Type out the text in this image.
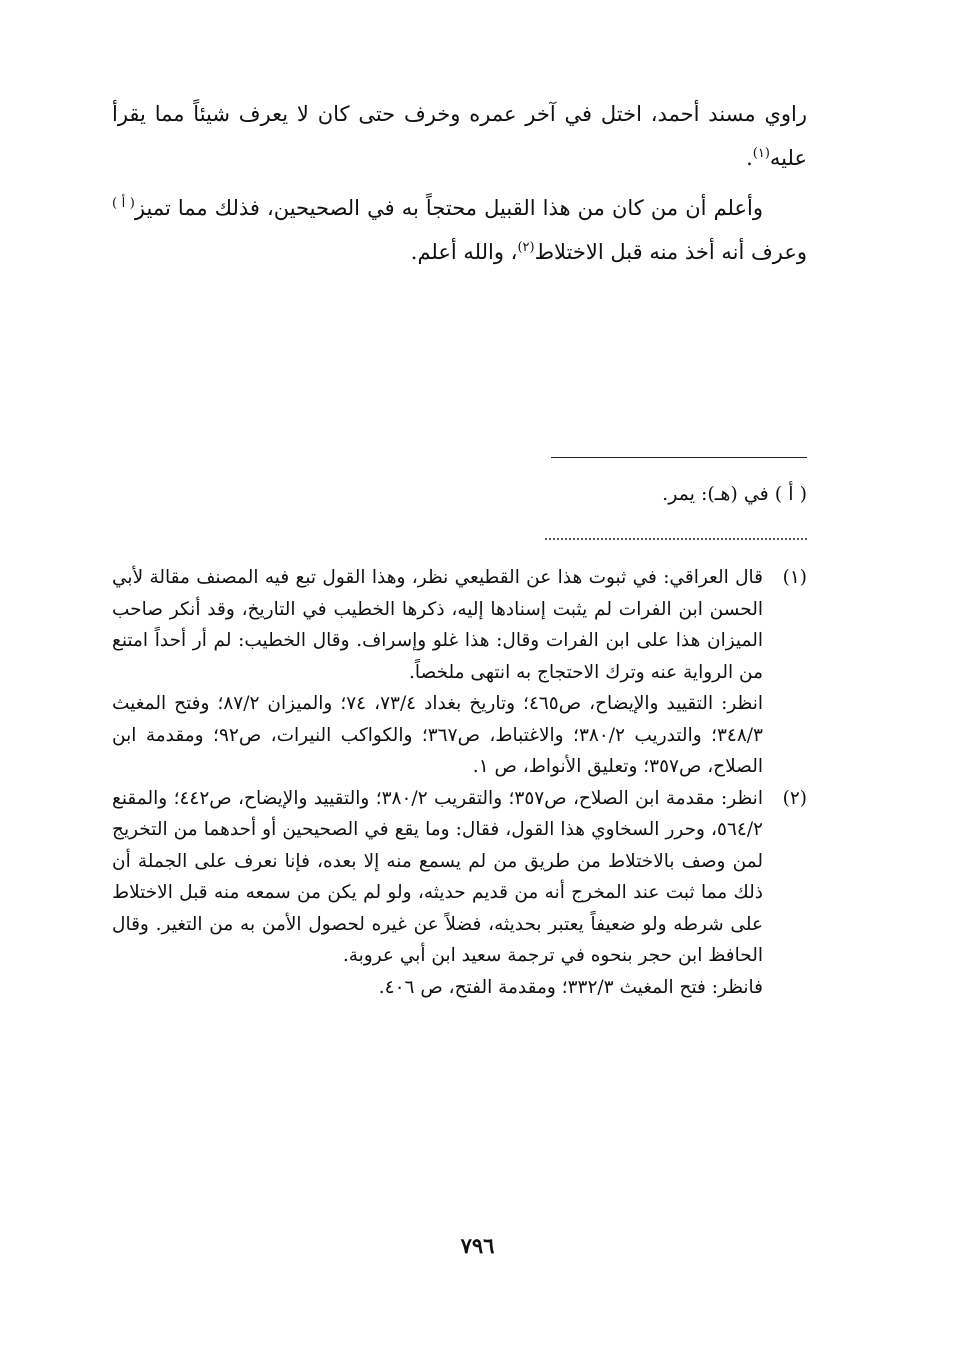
راوي مسند أحمد، اختل في آخر عمره وخرف حتى كان لا يعرف شيئاً مما يقرأ عليه$^{(١)}$.

وأعلم أن من كان من هذا القبيل محتجاً به في الصحيحين، فذلك مما تميز$^{( أ )}$ وعرف أنه أخذ منه قبل الاختلاط$^{(٢)}$، والله أعلم.

( أ ) في (هـ): يمر.
(١)

قال العراقي: في ثبوت هذا عن القطيعي نظر، وهذا القول تبع فيه المصنف مقالة لأبي الحسن ابن الفرات لم يثبت إسنادها إليه، ذكرها الخطيب في التاريخ، وقد أنكر صاحب الميزان هذا على ابن الفرات وقال: هذا غلو وإسراف. وقال الخطيب: لم أر أحداً امتنع من الرواية عنه وترك الاحتجاج به انتهى ملخصاً.

انظر: التقييد والإيضاح، ص٤٦٥؛ وتاريخ بغداد ٧٣/٤، ٧٤؛ والميزان ٨٧/٢؛ وفتح المغيث ٣٤٨/٣؛ والتدريب ٣٨٠/٢؛ والاغتباط، ص٣٦٧؛ والكواكب النيرات، ص٩٢؛ ومقدمة ابن الصلاح، ص٣٥٧؛ وتعليق الأنواط، ص ١.

(٢)

انظر: مقدمة ابن الصلاح، ص٣٥٧؛ والتقريب ٣٨٠/٢؛ والتقييد والإيضاح، ص٤٤٢؛ والمقنع ٥٦٤/٢، وحرر السخاوي هذا القول، فقال: وما يقع في الصحيحين أو أحدهما من التخريج لمن وصف بالاختلاط من طريق من لم يسمع منه إلا بعده، فإنا نعرف على الجملة أن ذلك مما ثبت عند المخرج أنه من قديم حديثه، ولو لم يكن من سمعه منه قبل الاختلاط على شرطه ولو ضعيفاً يعتبر بحديثه، فضلاً عن غيره لحصول الأمن به من التغير. وقال الحافظ ابن حجر بنحوه في ترجمة سعيد ابن أبي عروبة.

فانظر: فتح المغيث ٣٣٢/٣؛ ومقدمة الفتح، ص ٤٠٦.

٧٩٦
